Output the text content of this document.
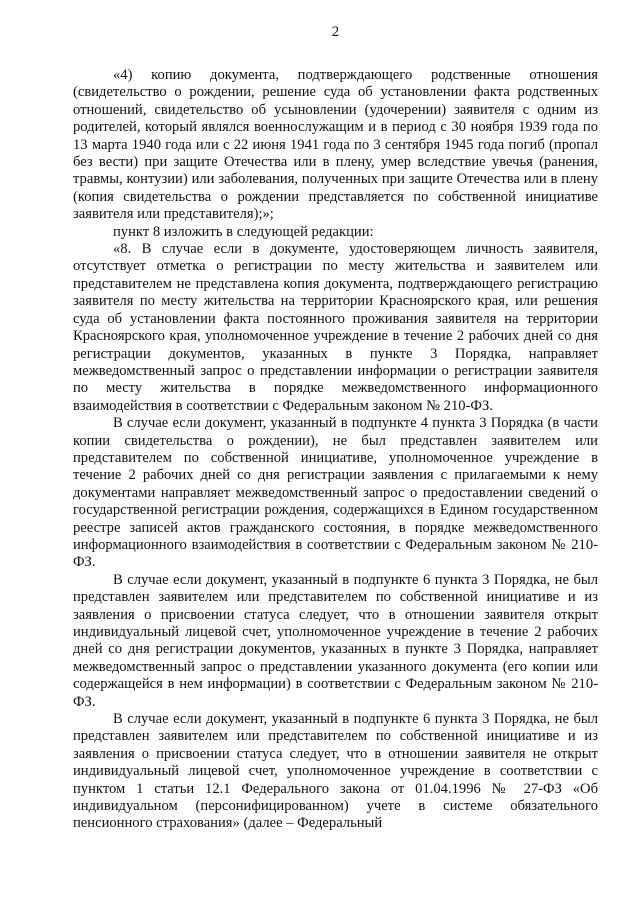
2

«4) копию документа, подтверждающего родственные отношения (свидетельство о рождении, решение суда об установлении факта родственных отношений, свидетельство об усыновлении (удочерении) заявителя с одним из родителей, который являлся военнослужащим и в период с 30 ноября 1939 года по 13 марта 1940 года или с 22 июня 1941 года по 3 сентября 1945 года погиб (пропал без вести) при защите Отечества или в плену, умер вследствие увечья (ранения, травмы, контузии) или заболевания, полученных при защите Отечества или в плену (копия свидетельства о рождении представляется по собственной инициативе заявителя или представителя);»;

пункт 8 изложить в следующей редакции:

«8. В случае если в документе, удостоверяющем личность заявителя, отсутствует отметка о регистрации по месту жительства и заявителем или представителем не представлена копия документа, подтверждающего регистрацию заявителя по месту жительства на территории Красноярского края, или решения суда об установлении факта постоянного проживания заявителя на территории Красноярского края, уполномоченное учреждение в течение 2 рабочих дней со дня регистрации документов, указанных в пункте 3 Порядка, направляет межведомственный запрос о представлении информации о регистрации заявителя по месту жительства в порядке межведомственного информационного взаимодействия в соответствии с Федеральным законом № 210-ФЗ.

В случае если документ, указанный в подпункте 4 пункта 3 Порядка (в части копии свидетельства о рождении), не был представлен заявителем или представителем по собственной инициативе, уполномоченное учреждение в течение 2 рабочих дней со дня регистрации заявления с прилагаемыми к нему документами направляет межведомственный запрос о предоставлении сведений о государственной регистрации рождения, содержащихся в Едином государственном реестре записей актов гражданского состояния, в порядке межведомственного информационного взаимодействия в соответствии с Федеральным законом № 210-ФЗ.

В случае если документ, указанный в подпункте 6 пункта 3 Порядка, не был представлен заявителем или представителем по собственной инициативе и из заявления о присвоении статуса следует, что в отношении заявителя открыт индивидуальный лицевой счет, уполномоченное учреждение в течение 2 рабочих дней со дня регистрации документов, указанных в пункте 3 Порядка, направляет межведомственный запрос о представлении указанного документа (его копии или содержащейся в нем информации) в соответствии с Федеральным законом № 210-ФЗ.

В случае если документ, указанный в подпункте 6 пункта 3 Порядка, не был представлен заявителем или представителем по собственной инициативе и из заявления о присвоении статуса следует, что в отношении заявителя не открыт индивидуальный лицевой счет, уполномоченное учреждение в соответствии с пунктом 1 статьи 12.1 Федерального закона от 01.04.1996 № 27-ФЗ «Об индивидуальном (персонифицированном) учете в системе обязательного пенсионного страхования» (далее – Федеральный
